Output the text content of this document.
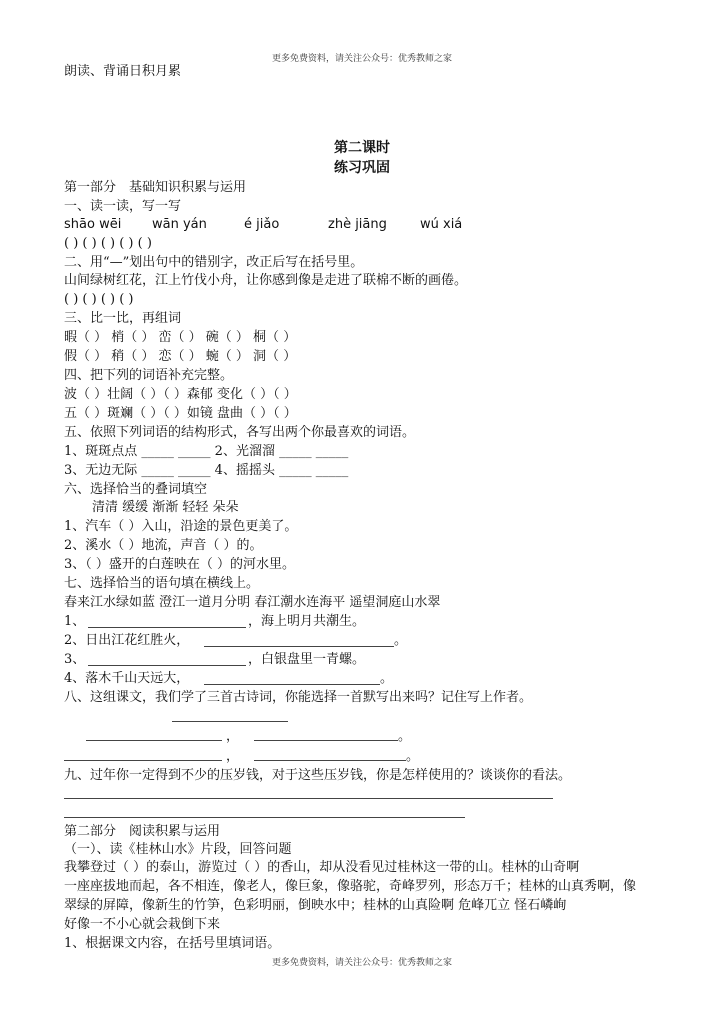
更多免费资料，请关注公众号：优秀教师之家
朗读、背诵日积月累
第二课时
练习巩固
第一部分　基础知识积累与运用
一、读一读，写一写
shāo wēi wān yán	é jiǎo	zhè jiāng	wú xiá
( ) ( ) ( ) ( ) ( )
二、用“—”划出句中的错别字，改正后写在括号里。
山间绿树红花，江上竹伐小舟，让你感到像是走进了联棉不断的画倦。
( ) ( ) ( ) ( )
三、比一比，再组词
暇（ ） 梢（ ） 峦（ ） 碗（ ） 桐（ ）
假（ ） 稍（ ） 恋（ ） 蜿（ ） 洞（ ）
四、把下列的词语补充完整。
波（ ）壮阔（ ）（ ）森郁 变化（ ）（ ）
五（ ）斑斓（ ）（ ）如镜 盘曲（ ）（ ）
五、依照下列词语的结构形式，各写出两个你最喜欢的词语。
1、斑斑点点 _____ _____ 2、光溜溜 _____ _____
3、无边无际 _____ _____ 4、摇摇头 _____ _____
六、选择恰当的叠词填空
清清 缓缓 渐渐 轻轻 朵朵
1、汽车（ ）入山，沿途的景色更美了。
2、溪水（ ）地流，声音（ ）的。
3、（ ）盛开的白莲映在（ ）的河水里。
七、选择恰当的语句填在横线上。
春来江水绿如蓝 澄江一道月分明 春江潮水连海平 遥望洞庭山水翠
1、	，海上明月共潮生。
2、日出江花红胜火，	。
3、	，白银盘里一青螺。
4、落木千山天远大，	。
八、这组课文，我们学了三首古诗词，你能选择一首默写出来吗？记住写上作者。
，	。
，	。
九、过年你一定得到不少的压岁钱，对于这些压岁钱，你是怎样使用的？谈谈你的看法。
第二部分　阅读积累与运用
（一）、读《桂林山水》片段，回答问题
我攀登过（ ）的泰山，游览过（ ）的香山，却从没看见过桂林这一带的山。桂林的山奇啊
一座座拔地而起，各不相连，像老人，像巨象，像骆驼，奇峰罗列，形态万千；桂林的山真秀啊，像
翠绿的屏障，像新生的竹笋，色彩明丽，倒映水中；桂林的山真险啊 危峰兀立 怪石嶙峋
好像一不小心就会栽倒下来
1、根据课文内容，在括号里填词语。
更多免费资料，请关注公众号：优秀教师之家
